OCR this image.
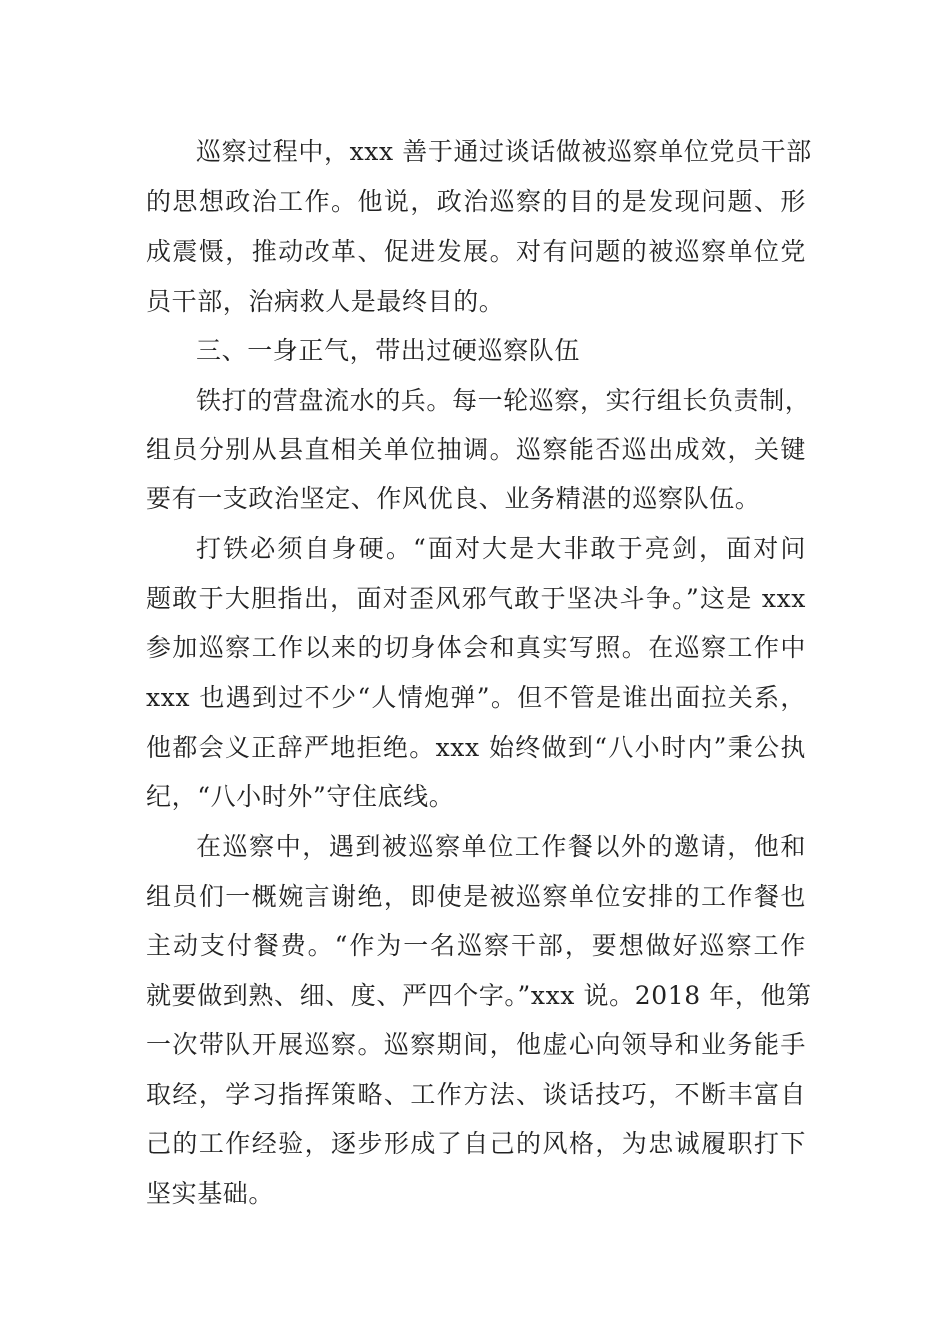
巡察过程中，xxx 善于通过谈话做被巡察单位党员干部
的思想政治工作。他说，政治巡察的目的是发现问题、形
成震慑，推动改革、促进发展。对有问题的被巡察单位党
员干部，治病救人是最终目的。
三、一身正气，带出过硬巡察队伍
铁打的营盘流水的兵。每一轮巡察，实行组长负责制，
组员分别从县直相关单位抽调。巡察能否巡出成效，关键
要有一支政治坚定、作风优良、业务精湛的巡察队伍。
打铁必须自身硬。“面对大是大非敢于亮剑，面对问
题敢于大胆指出，面对歪风邪气敢于坚决斗争。”这是 xxx
参加巡察工作以来的切身体会和真实写照。在巡察工作中
xxx 也遇到过不少“人情炮弹”。但不管是谁出面拉关系，
他都会义正辞严地拒绝。xxx 始终做到“八小时内”秉公执
纪，“八小时外”守住底线。
在巡察中，遇到被巡察单位工作餐以外的邀请，他和
组员们一概婉言谢绝，即使是被巡察单位安排的工作餐也
主动支付餐费。“作为一名巡察干部，要想做好巡察工作
就要做到熟、细、度、严四个字。”xxx 说。2018 年，他第
一次带队开展巡察。巡察期间，他虚心向领导和业务能手
取经，学习指挥策略、工作方法、谈话技巧，不断丰富自
己的工作经验，逐步形成了自己的风格，为忠诚履职打下
坚实基础。
